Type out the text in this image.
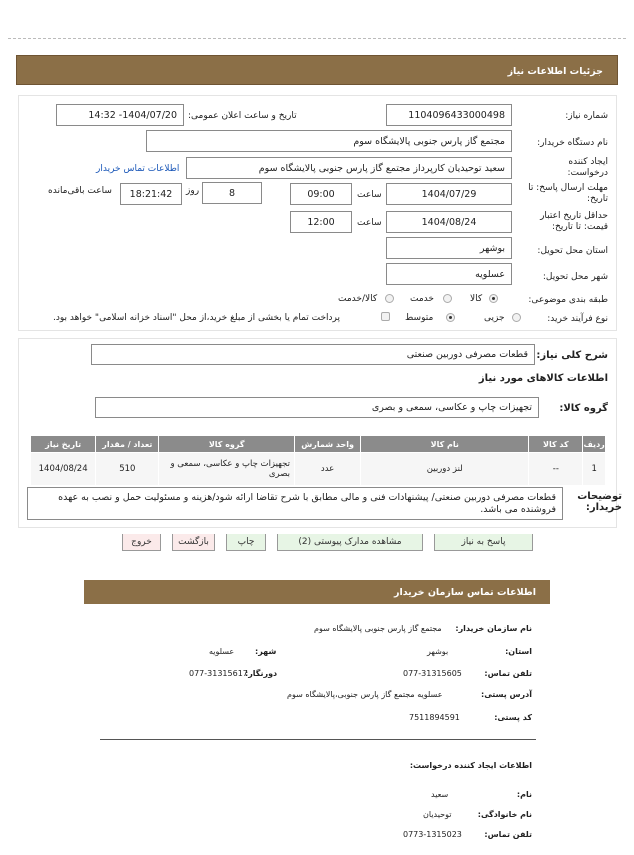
جزئیات اطلاعات نیاز
شماره نیاز:
1104096433000498
تاریخ و ساعت اعلان عمومی:
1404/07/20- 14:32
نام دستگاه خریدار:
مجتمع گاز پارس جنوبی پالایشگاه سوم
ایجاد کننده درخواست:
سعید توحیدیان کارپرداز مجتمع گاز پارس جنوبی پالایشگاه سوم
اطلاعات تماس خریدار
مهلت ارسال پاسخ: تا تاریخ:
1404/07/29
ساعت
09:00
8
روز
18:21:42
ساعت باقی‌مانده
حداقل تاریخ اعتبار قیمت: تا تاریخ:
1404/08/24
ساعت
12:00
استان محل تحویل:
بوشهر
شهر محل تحویل:
عسلویه
طبقه بندی موضوعی:
کالا
خدمت
کالا/خدمت
نوع فرآیند خرید:
جزیی
متوسط
پرداخت تمام یا بخشی از مبلغ خرید،از محل "اسناد خزانه اسلامی" خواهد بود.
شرح کلی نیاز:
قطعات مصرفی دوربین صنعتی
اطلاعات کالاهای مورد نیاز
گروه کالا:
تجهیزات چاپ و عکاسی، سمعی و بصری
ردیف	کد کالا	نام کالا	واحد شمارش	گروه کالا	تعداد / مقدار	تاریخ نیاز
1	--	لنز دوربین	عدد	تجهیزات چاپ و عکاسی، سمعی و بصری	510	1404/08/24
توضیحات خریدار:
قطعات مصرفی دوربین صنعتی/ پیشنهادات فنی و مالی مطابق با شرح تقاضا ارائه شود/هزینه و مسئولیت حمل و نصب به عهده فروشنده می باشد.
پاسخ به نیاز
مشاهده مدارک پیوستی (2)
چاپ
بازگشت
خروج
اطلاعات تماس سازمان خریدار
نام سازمان خریدار:
مجتمع گاز پارس جنوبی پالایشگاه سوم
استان:
بوشهر
شهر:
عسلویه
تلفن تماس:
077-31315605
دورنگار:
077-31315617
آدرس پستی:
عسلویه مجتمع گاز پارس جنوبی،پالایشگاه سوم
کد پستی:
7511894591
اطلاعات ایجاد کننده درخواست:
نام:
سعید
نام خانوادگی:
توحیدیان
تلفن تماس:
0773-1315023
